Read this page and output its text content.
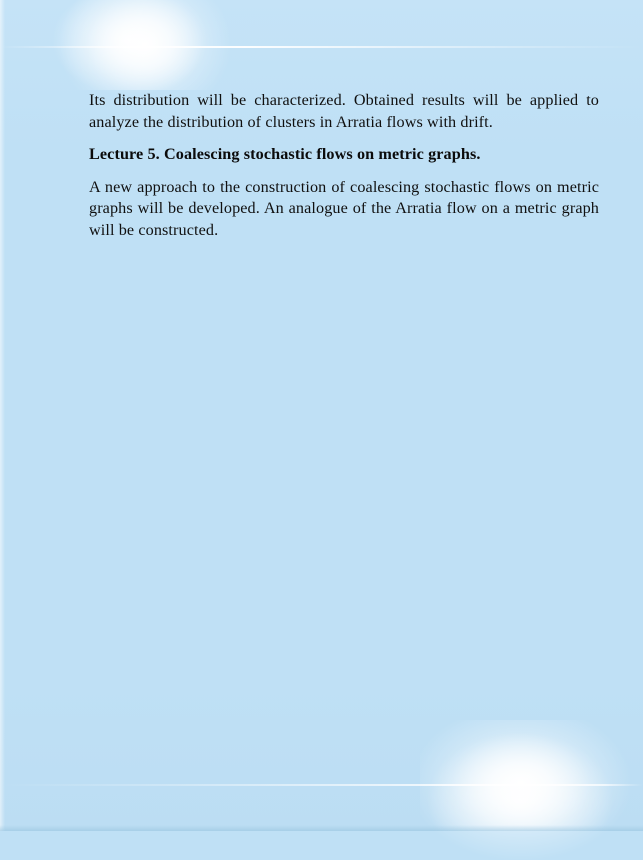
Its distribution will be characterized. Obtained results will be applied to analyze the distribution of clusters in Arratia flows with drift.

Lecture 5. Coalescing stochastic flows on metric graphs.

A new approach to the construction of coalescing stochastic flows on metric graphs will be developed. An analogue of the Arratia flow on a metric graph will be constructed.
